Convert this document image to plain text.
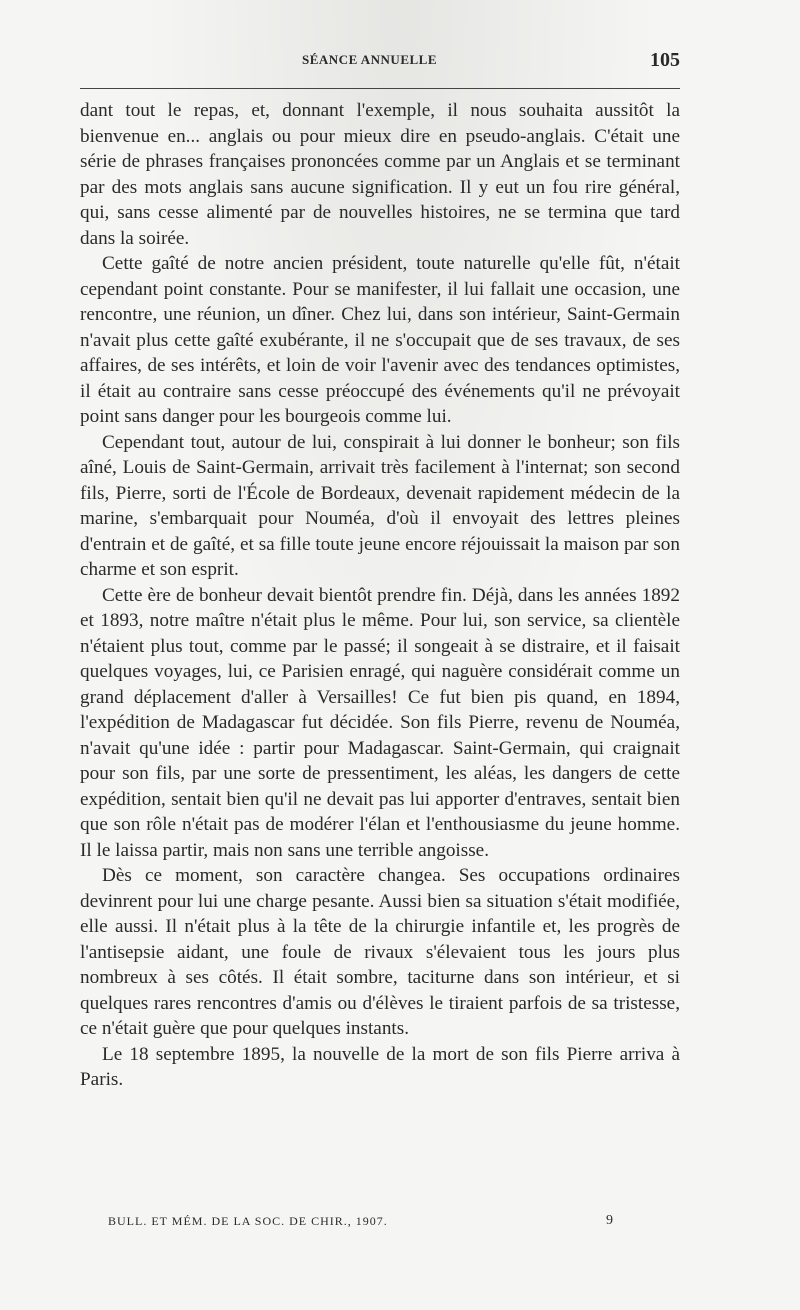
SÉANCE ANNUELLE	105

dant tout le repas, et, donnant l'exemple, il nous souhaita aussitôt la bienvenue en... anglais ou pour mieux dire en pseudo-anglais. C'était une série de phrases françaises prononcées comme par un Anglais et se terminant par des mots anglais sans aucune signification. Il y eut un fou rire général, qui, sans cesse alimenté par de nouvelles histoires, ne se termina que tard dans la soirée.

Cette gaîté de notre ancien président, toute naturelle qu'elle fût, n'était cependant point constante. Pour se manifester, il lui fallait une occasion, une rencontre, une réunion, un dîner. Chez lui, dans son intérieur, Saint-Germain n'avait plus cette gaîté exubérante, il ne s'occupait que de ses travaux, de ses affaires, de ses intérêts, et loin de voir l'avenir avec des tendances optimistes, il était au contraire sans cesse préoccupé des événements qu'il ne prévoyait point sans danger pour les bourgeois comme lui.

Cependant tout, autour de lui, conspirait à lui donner le bonheur; son fils aîné, Louis de Saint-Germain, arrivait très facilement à l'internat; son second fils, Pierre, sorti de l'École de Bordeaux, devenait rapidement médecin de la marine, s'embarquait pour Nouméa, d'où il envoyait des lettres pleines d'entrain et de gaîté, et sa fille toute jeune encore réjouissait la maison par son charme et son esprit.

Cette ère de bonheur devait bientôt prendre fin. Déjà, dans les années 1892 et 1893, notre maître n'était plus le même. Pour lui, son service, sa clientèle n'étaient plus tout, comme par le passé; il songeait à se distraire, et il faisait quelques voyages, lui, ce Parisien enragé, qui naguère considérait comme un grand déplacement d'aller à Versailles! Ce fut bien pis quand, en 1894, l'expédition de Madagascar fut décidée. Son fils Pierre, revenu de Nouméa, n'avait qu'une idée : partir pour Madagascar. Saint-Germain, qui craignait pour son fils, par une sorte de pressentiment, les aléas, les dangers de cette expédition, sentait bien qu'il ne devait pas lui apporter d'entraves, sentait bien que son rôle n'était pas de modérer l'élan et l'enthousiasme du jeune homme. Il le laissa partir, mais non sans une terrible angoisse.

Dès ce moment, son caractère changea. Ses occupations ordinaires devinrent pour lui une charge pesante. Aussi bien sa situation s'était modifiée, elle aussi. Il n'était plus à la tête de la chirurgie infantile et, les progrès de l'antisepsie aidant, une foule de rivaux s'élevaient tous les jours plus nombreux à ses côtés. Il était sombre, taciturne dans son intérieur, et si quelques rares rencontres d'amis ou d'élèves le tiraient parfois de sa tristesse, ce n'était guère que pour quelques instants.

Le 18 septembre 1895, la nouvelle de la mort de son fils Pierre arriva à Paris.

BULL. ET MÉM. DE LA SOC. DE CHIR., 1907.	9
